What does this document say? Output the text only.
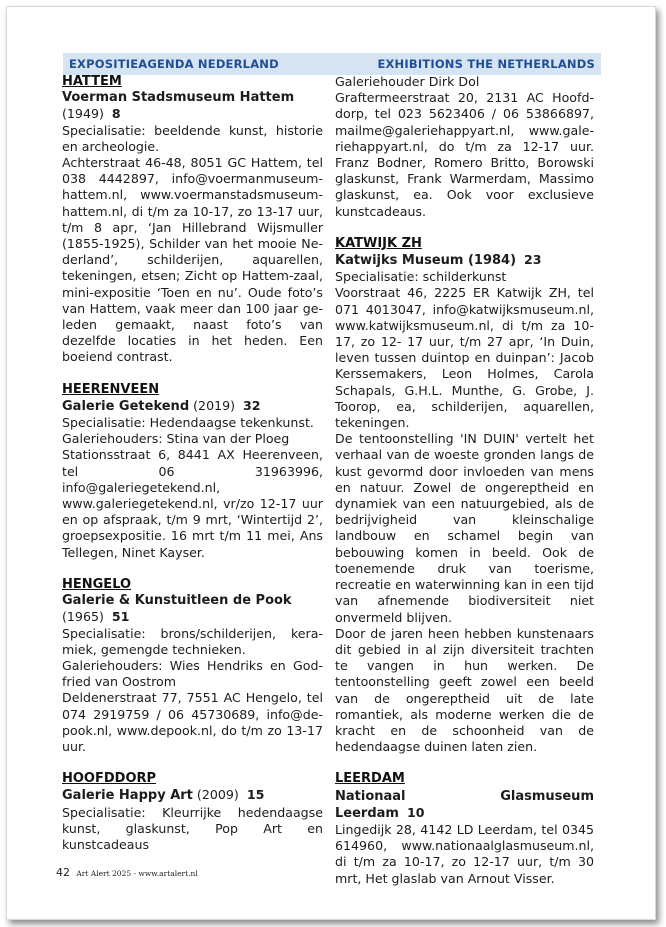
EXPOSITIEAGENDA NEDERLAND	EXHIBITIONS THE NETHERLANDS
HATTEM
Voerman Stadsmuseum Hattem

(1949) 8

Specialisatie: beeldende kunst, historie en archeologie.

Achterstraat 46-48, 8051 GC Hattem, tel 038 4442897, info@voermanmuseumhattem.nl, www.voermanstadsmuseumhattem.nl, di t/m za 10-17, zo 13-17 uur, t/m 8 apr, ‘Jan Hillebrand Wijsmuller (1855-1925), Schilder van het mooie Nederland’, schilderijen, aquarellen, tekeningen, etsen; Zicht op Hattem-zaal, mini-expositie ‘Toen en nu’. Oude foto’s van Hattem, vaak meer dan 100 jaar geleden gemaakt, naast foto’s van dezelfde locaties in het heden. Een boeiend contrast.

HEERENVEEN

Galerie Getekend (2019) 32

Specialisatie: Hedendaagse tekenkunst.

Galeriehouders: Stina van der Ploeg

Stationsstraat 6, 8441 AX Heerenveen, tel 06 31963996, info@galeriegetekend.nl, www.galeriegetekend.nl, vr/zo 12-17 uur en op afspraak, t/m 9 mrt, ‘Wintertijd 2’, groepsexpositie. 16 mrt t/m 11 mei, Ans Tellegen, Ninet Kayser.

HENGELO
Galerie & Kunstuitleen de Pook

(1965) 51

Specialisatie: brons/schilderijen, keramiek, gemengde technieken.

Galeriehouders: Wies Hendriks en Godfried van Oostrom

Deldenerstraat 77, 7551 AC Hengelo, tel 074 2919759 / 06 45730689, info@depook.nl, www.depook.nl, do t/m zo 13-17 uur.

HOOFDDORP

Galerie Happy Art (2009) 15

Specialisatie: Kleurrijke hedendaagse kunst, glaskunst, Pop Art en kunstcadeaus

Galeriehouder Dirk Dol

Graftermeerstraat 20, 2131 AC Hoofddorp, tel 023 5623406 / 06 53866897, mailme@galeriehappyart.nl, www.galeriehappyart.nl, do t/m za 12-17 uur. Franz Bodner, Romero Britto, Borowski glaskunst, Frank Warmerdam, Massimo glaskunst, ea. Ook voor exclusieve kunstcadeaus.

KATWIJK ZH

Katwijks Museum (1984) 23

Specialisatie: schilderkunst

Voorstraat 46, 2225 ER Katwijk ZH, tel 071 4013047, info@katwijksmuseum.nl, www.katwijksmuseum.nl, di t/m za 10-17, zo 12- 17 uur, t/m 27 apr, ‘In Duin, leven tussen duintop en duinpan’: Jacob Kerssemakers, Leon Holmes, Carola Schapals, G.H.L. Munthe, G. Grobe, J. Toorop, ea, schilderijen, aquarellen, tekeningen.

De tentoonstelling 'IN DUIN' vertelt het verhaal van de woeste gronden langs de kust gevormd door invloeden van mens en natuur. Zowel de ongereptheid en dynamiek van een natuurgebied, als de bedrijvigheid van kleinschalige landbouw en schamel begin van bebouwing komen in beeld. Ook de toenemende druk van toerisme, recreatie en waterwinning kan in een tijd van afnemende biodiversiteit niet onvermeld blijven.

Door de jaren heen hebben kunstenaars dit gebied in al zijn diversiteit trachten te vangen in hun werken. De tentoonstelling geeft zowel een beeld van de ongereptheid uit de late romantiek, als moderne werken die de kracht en de schoonheid van de hedendaagse duinen laten zien.

LEERDAM

Nationaal Glasmuseum Leerdam 10

Lingedijk 28, 4142 LD Leerdam, tel 0345 614960, www.nationaalglasmuseum.nl, di t/m za 10-17, zo 12-17 uur, t/m 30 mrt, Het glaslab van Arnout Visser.

42 Art Alert 2025 - www.artalert.nl
